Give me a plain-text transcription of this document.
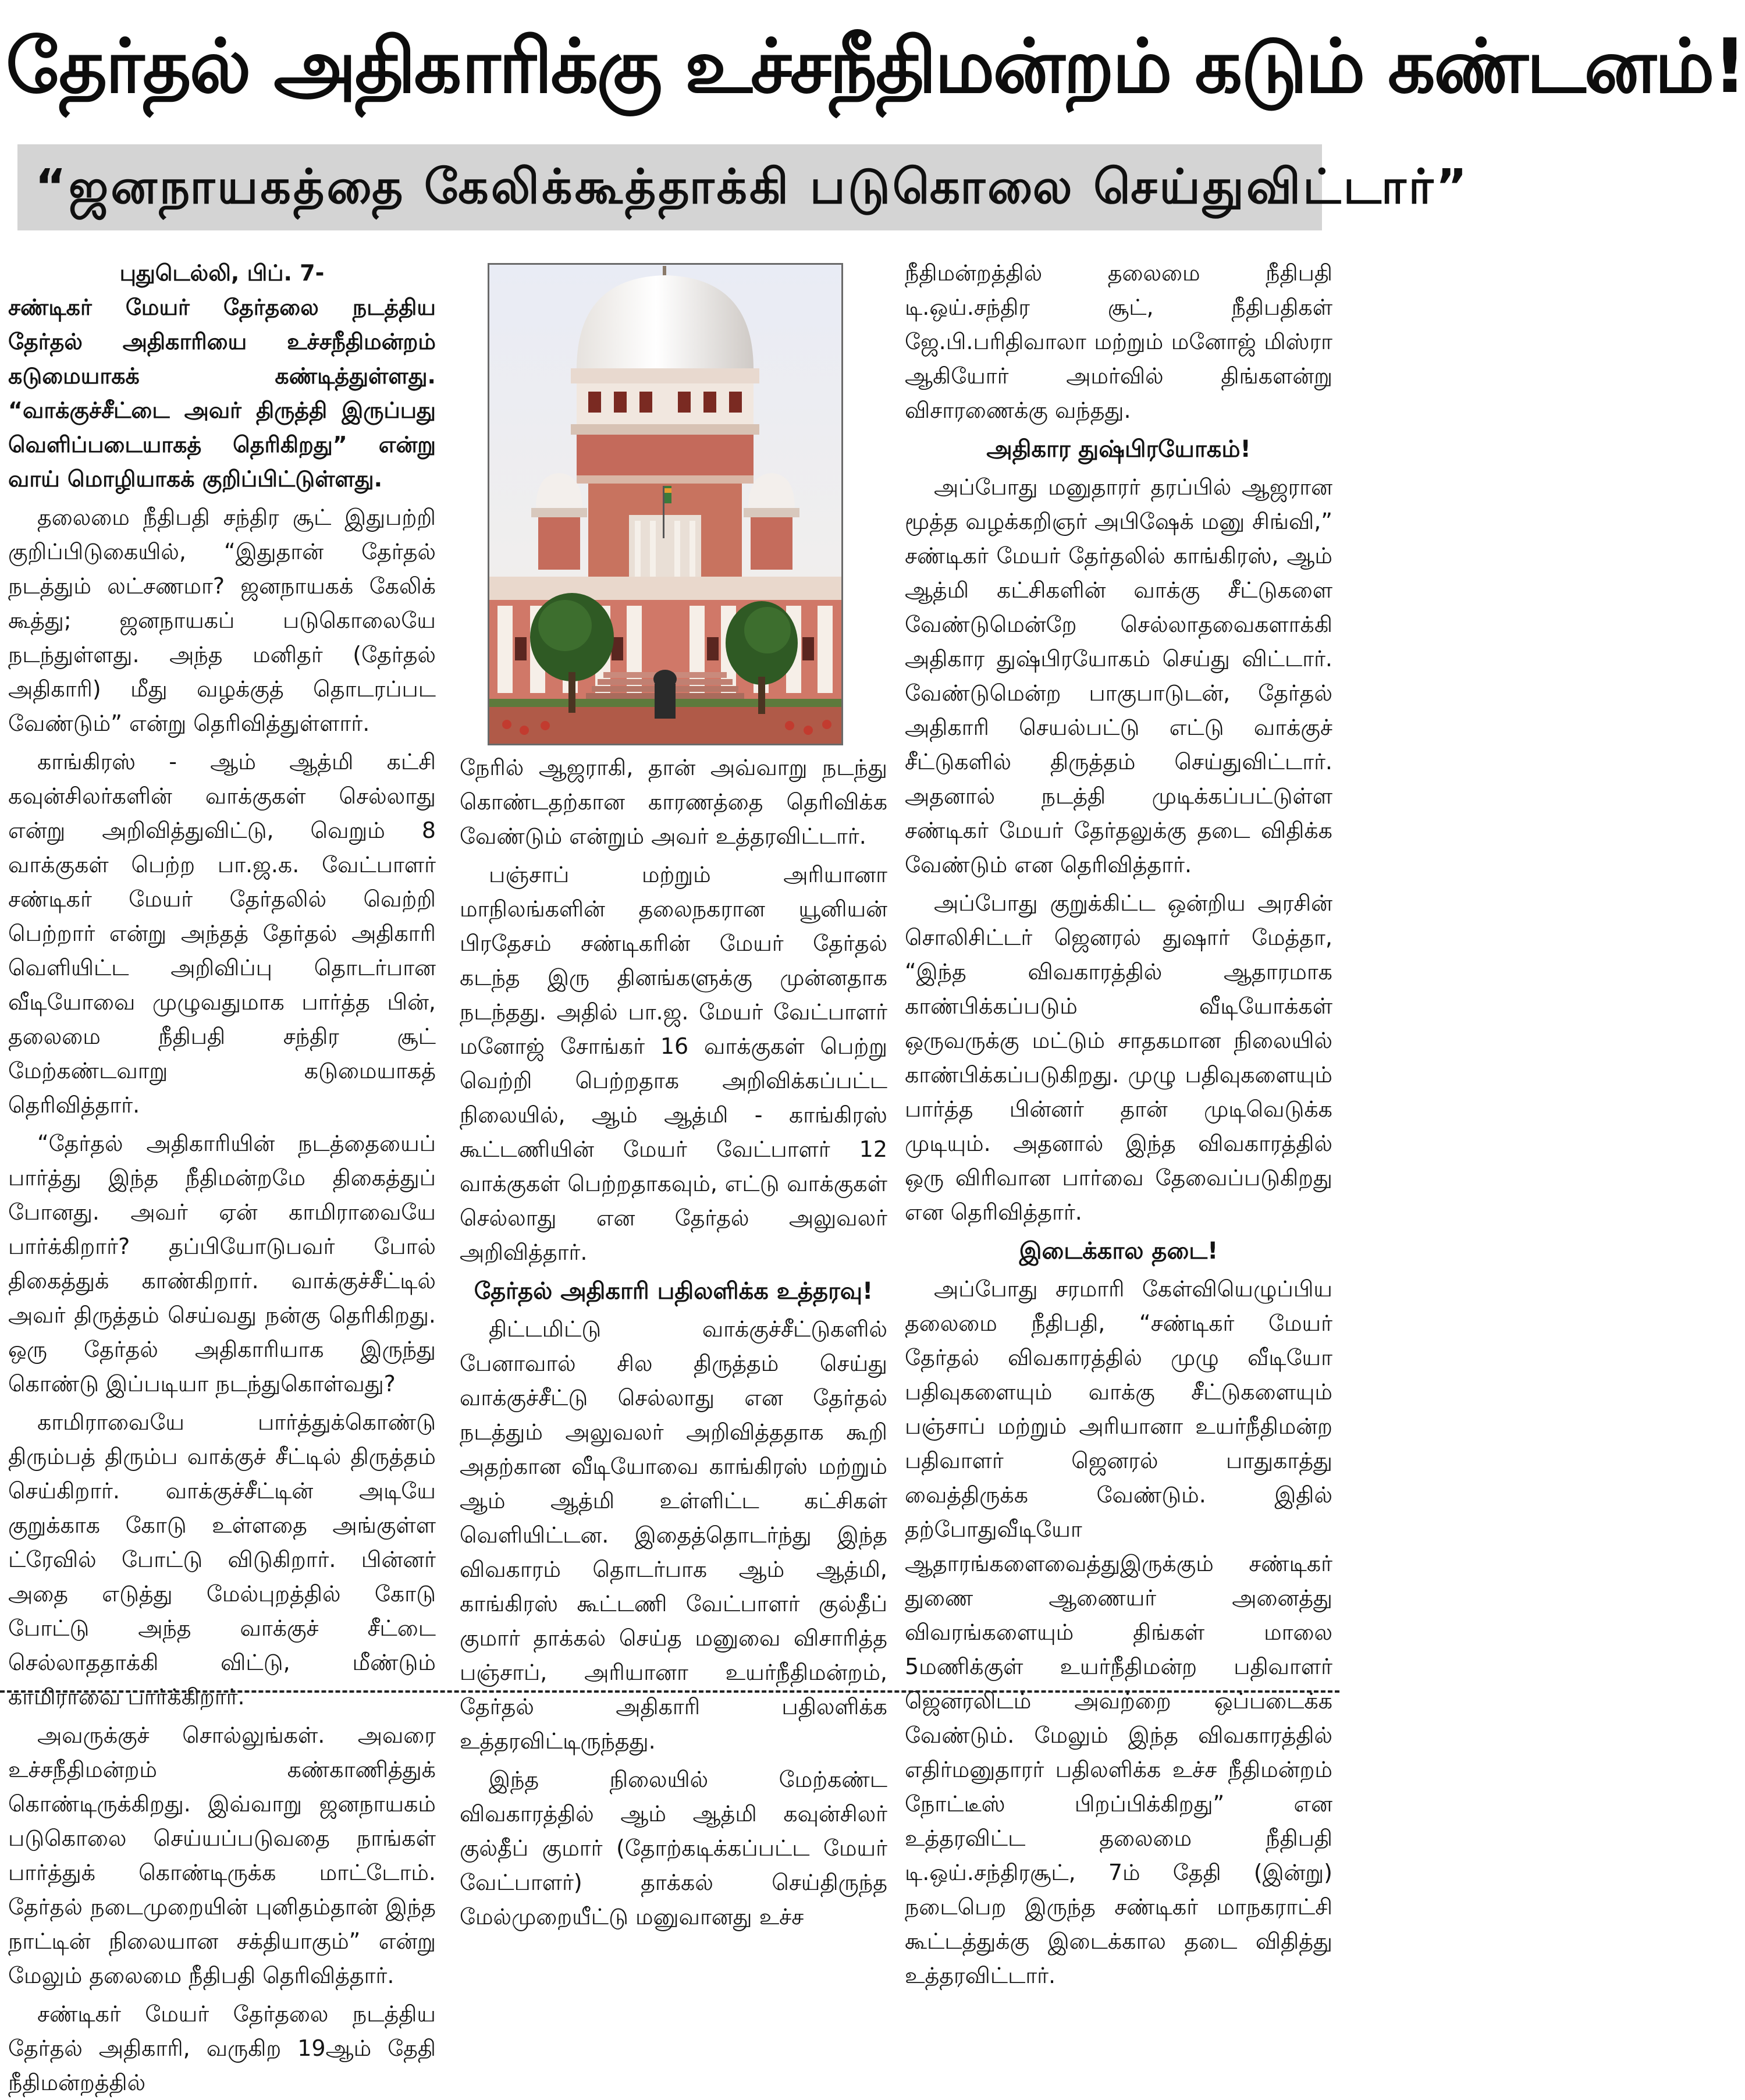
தேர்தல் அதிகாரிக்கு உச்சநீதிமன்றம் கடும் கண்டனம்!
“ஜனநாயகத்தை கேலிக்கூத்தாக்கி படுகொலை செய்துவிட்டார்”

புதுடெல்லி, பிப். 7-

சண்டிகர் மேயர் தேர்தலை நடத்திய தேர்தல் அதிகாரியை உச்சநீதிமன்றம் கடுமையாகக் கண்டித்துள்ளது. “வாக்குச்சீட்டை அவர் திருத்தி இருப்பது வெளிப்படையாகத் தெரிகிறது” என்று வாய் மொழியாகக் குறிப்பிட்டுள்ளது.

தலைமை நீதிபதி சந்திர சூட் இதுபற்றி குறிப்பிடுகையில், “இதுதான் தேர்தல் நடத்தும் லட்சணமா? ஜனநாயகக் கேலிக் கூத்து; ஜனநாயகப் படுகொலையே நடந்துள்ளது. அந்த மனிதர் (தேர்தல் அதிகாரி) மீது வழக்குத் தொடரப்பட வேண்டும்” என்று தெரிவித்துள்ளார்.

காங்கிரஸ் - ஆம் ஆத்மி கட்சி கவுன்சிலர்களின் வாக்குகள் செல்லாது என்று அறிவித்துவிட்டு, வெறும் 8 வாக்குகள் பெற்ற பா.ஜ.க. வேட்பாளர் சண்டிகர் மேயர் தேர்தலில் வெற்றி பெற்றார் என்று அந்தத் தேர்தல் அதிகாரி வெளியிட்ட அறிவிப்பு தொடர்பான வீடியோவை முழுவதுமாக பார்த்த பின், தலைமை நீதிபதி சந்திர சூட் மேற்கண்டவாறு கடுமையாகத் தெரிவித்தார்.

“தேர்தல் அதிகாரியின் நடத்தையைப் பார்த்து இந்த நீதிமன்றமே திகைத்துப் போனது. அவர் ஏன் காமிராவையே பார்க்கிறார்? தப்பியோடுபவர் போல் திகைத்துக் காண்கிறார். வாக்குச்சீட்டில் அவர் திருத்தம் செய்வது நன்கு தெரிகிறது. ஒரு தேர்தல் அதிகாரியாக இருந்து கொண்டு இப்படியா நடந்துகொள்வது?

காமிராவையே பார்த்துக்கொண்டு திரும்பத் திரும்ப வாக்குச் சீட்டில் திருத்தம் செய்கிறார். வாக்குச்சீட்டின் அடியே குறுக்காக கோடு உள்ளதை அங்குள்ள ட்ரேவில் போட்டு விடுகிறார். பின்னர் அதை எடுத்து மேல்புறத்தில் கோடு போட்டு அந்த வாக்குச் சீட்டை செல்லாததாக்கி விட்டு, மீண்டும் காமிராவை பார்க்கிறார்.

அவருக்குச் சொல்லுங்கள். அவரை உச்சநீதிமன்றம் கண்காணித்துக் கொண்டிருக்கிறது. இவ்வாறு ஜனநாயகம் படுகொலை செய்யப்படுவதை நாங்கள் பார்த்துக் கொண்டிருக்க மாட்டோம். தேர்தல் நடைமுறையின் புனிதம்தான் இந்த நாட்டின் நிலையான சக்தியாகும்” என்று மேலும் தலைமை நீதிபதி தெரிவித்தார்.

சண்டிகர் மேயர் தேர்தலை நடத்திய தேர்தல் அதிகாரி, வருகிற 19ஆம் தேதி நீதிமன்றத்தில்

நேரில் ஆஜராகி, தான் அவ்வாறு நடந்து கொண்டதற்கான காரணத்தை தெரிவிக்க வேண்டும் என்றும் அவர் உத்தரவிட்டார்.

பஞ்சாப் மற்றும் அரியானா மாநிலங்களின் தலைநகரான யூனியன் பிரதேசம் சண்டிகரின் மேயர் தேர்தல் கடந்த இரு தினங்களுக்கு முன்னதாக நடந்தது. அதில் பா.ஜ. மேயர் வேட்பாளர் மனோஜ் சோங்கர் 16 வாக்குகள் பெற்று வெற்றி பெற்றதாக அறிவிக்கப்பட்ட நிலையில், ஆம் ஆத்மி - காங்கிரஸ் கூட்டணியின் மேயர் வேட்பாளர் 12 வாக்குகள் பெற்றதாகவும், எட்டு வாக்குகள் செல்லாது என தேர்தல் அலுவலர் அறிவித்தார்.

தேர்தல் அதிகாரி பதிலளிக்க உத்தரவு!

திட்டமிட்டு வாக்குச்சீட்டுகளில் பேனாவால் சில திருத்தம் செய்து வாக்குச்சீட்டு செல்லாது என தேர்தல் நடத்தும் அலுவலர் அறிவித்ததாக கூறி அதற்கான வீடியோவை காங்கிரஸ் மற்றும் ஆம் ஆத்மி உள்ளிட்ட கட்சிகள் வெளியிட்டன. இதைத்தொடர்ந்து இந்த விவகாரம் தொடர்பாக ஆம் ஆத்மி, காங்கிரஸ் கூட்டணி வேட்பாளர் குல்தீப் குமார் தாக்கல் செய்த மனுவை விசாரித்த பஞ்சாப், அரியானா உயர்நீதிமன்றம், தேர்தல் அதிகாரி பதிலளிக்க உத்தரவிட்டிருந்தது.

இந்த நிலையில் மேற்கண்ட விவகாரத்தில் ஆம் ஆத்மி கவுன்சிலர் குல்தீப் குமார் (தோற்கடிக்கப்பட்ட மேயர் வேட்பாளர்) தாக்கல் செய்திருந்த மேல்முறையீட்டு மனுவானது உச்ச

நீதிமன்றத்தில் தலைமை நீதிபதி டி.ஒய்.சந்திர சூட், நீதிபதிகள் ஜே.பி.பரிதிவாலா மற்றும் மனோஜ் மிஸ்ரா ஆகியோர் அமர்வில் திங்களன்று விசாரணைக்கு வந்தது.

அதிகார துஷ்பிரயோகம்!

அப்போது மனுதாரர் தரப்பில் ஆஜரான மூத்த வழக்கறிஞர் அபிஷேக் மனு சிங்வி,” சண்டிகர் மேயர் தேர்தலில் காங்கிரஸ், ஆம் ஆத்மி கட்சிகளின் வாக்கு சீட்டுகளை வேண்டுமென்றே செல்லாதவைகளாக்கி அதிகார துஷ்பிரயோகம் செய்து விட்டார். வேண்டுமென்ற பாகுபாடுடன், தேர்தல் அதிகாரி செயல்பட்டு எட்டு வாக்குச் சீட்டுகளில் திருத்தம் செய்துவிட்டார். அதனால் நடத்தி முடிக்கப்பட்டுள்ள சண்டிகர் மேயர் தேர்தலுக்கு தடை விதிக்க வேண்டும் என தெரிவித்தார்.

அப்போது குறுக்கிட்ட ஒன்றிய அரசின் சொலிசிட்டர் ஜெனரல் துஷார் மேத்தா, “இந்த விவகாரத்தில் ஆதாரமாக காண்பிக்கப்படும் வீடியோக்கள் ஒருவருக்கு மட்டும் சாதகமான நிலையில் காண்பிக்கப்படுகிறது. முழு பதிவுகளையும் பார்த்த பின்னர் தான் முடிவெடுக்க முடியும். அதனால் இந்த விவகாரத்தில் ஒரு விரிவான பார்வை தேவைப்படுகிறது என தெரிவித்தார்.

இடைக்கால தடை!

அப்போது சரமாரி கேள்வியெழுப்பிய தலைமை நீதிபதி, “சண்டிகர் மேயர் தேர்தல் விவகாரத்தில் முழு வீடியோ பதிவுகளையும் வாக்கு சீட்டுகளையும் பஞ்சாப் மற்றும் அரியானா உயர்நீதிமன்ற பதிவாளர் ஜெனரல் பாதுகாத்து வைத்திருக்க வேண்டும். இதில் தற்போதுவீடியோ ஆதாரங்களைவைத்துஇருக்கும் சண்டிகர் துணை ஆணையர் அனைத்து விவரங்களையும் திங்கள் மாலை 5மணிக்குள் உயர்நீதிமன்ற பதிவாளர் ஜெனரலிடம் அவற்றை ஒப்படைக்க வேண்டும். மேலும் இந்த விவகாரத்தில் எதிர்மனுதாரர் பதிலளிக்க உச்ச நீதிமன்றம் நோட்டீஸ் பிறப்பிக்கிறது” என உத்தரவிட்ட தலைமை நீதிபதி டி.ஒய்.சந்திரசூட், 7ம் தேதி (இன்று) நடைபெற இருந்த சண்டிகர் மாநகராட்சி கூட்டத்துக்கு இடைக்கால தடை விதித்து உத்தரவிட்டார்.
